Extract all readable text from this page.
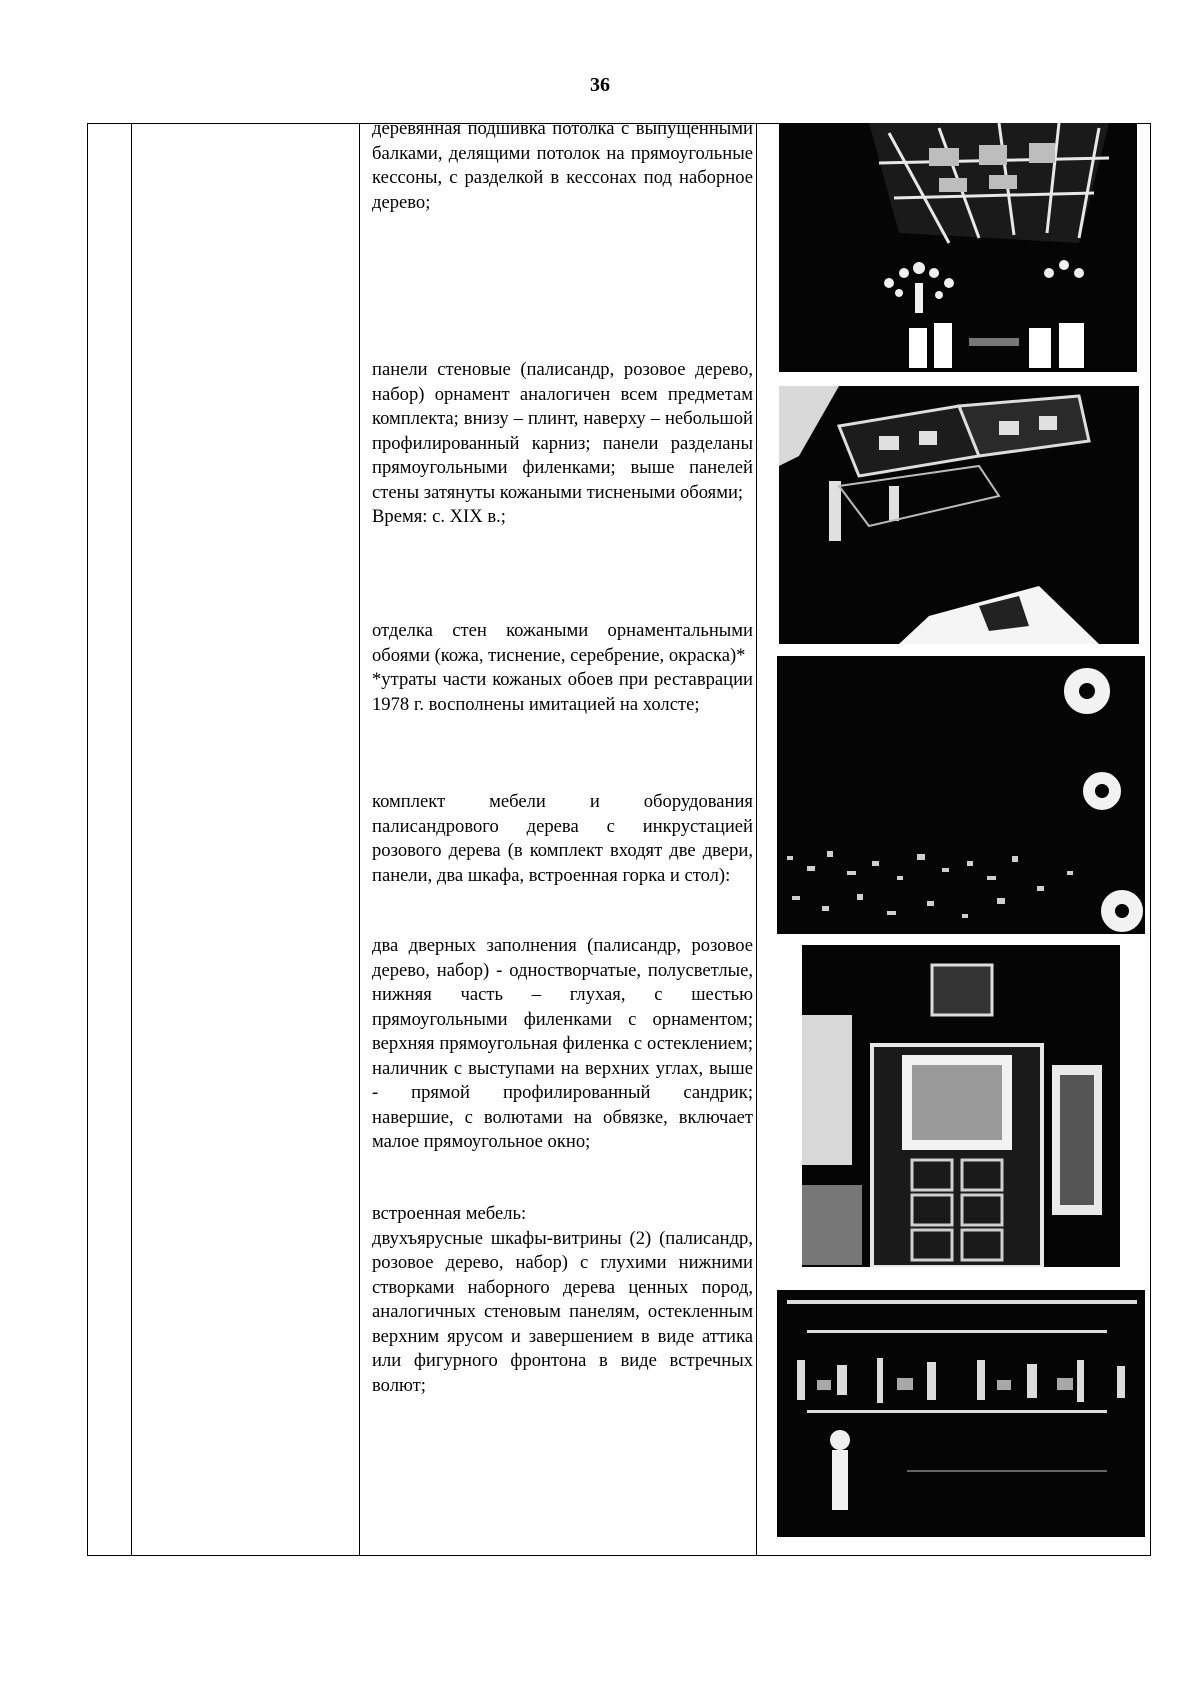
36

деревянная подшивка потолка с выпущенными балками, делящими потолок на прямоугольные кессоны, с разделкой в кессонах под наборное дерево;

панели стеновые (палисандр, розовое дерево, набор) орнамент аналогичен всем предметам комплекта; внизу – плинт, наверху – небольшой профилированный карниз; панели разделаны прямоугольными филенками; выше панелей стены затянуты кожаными тиснеными обоями;

Время: с. XIX в.;

отделка стен кожаными орнаментальными обоями (кожа, тиснение, серебрение, окраска)*

*утраты части кожаных обоев при реставрации 1978 г. восполнены имитацией на холсте;

комплект мебели и оборудования палисандрового дерева с инкрустацией розового дерева (в комплект входят две двери, панели, два шкафа, встроенная горка и стол):

два дверных заполнения (палисандр, розовое дерево, набор) - одностворчатые, полусветлые, нижняя часть – глухая, с шестью прямоугольными филенками с орнаментом; верхняя прямоугольная филенка с остеклением; наличник с выступами на верхних углах, выше - прямой профилированный сандрик; навершие, с волютами на обвязке, включает малое прямоугольное окно;

встроенная мебель:

двухъярусные шкафы-витрины (2) (палисандр, розовое дерево, набор) с глухими нижними створками наборного дерева ценных пород, аналогичных стеновым панелям, остекленным верхним ярусом и завершением в виде аттика или фигурного фронтона в виде встречных волют;
